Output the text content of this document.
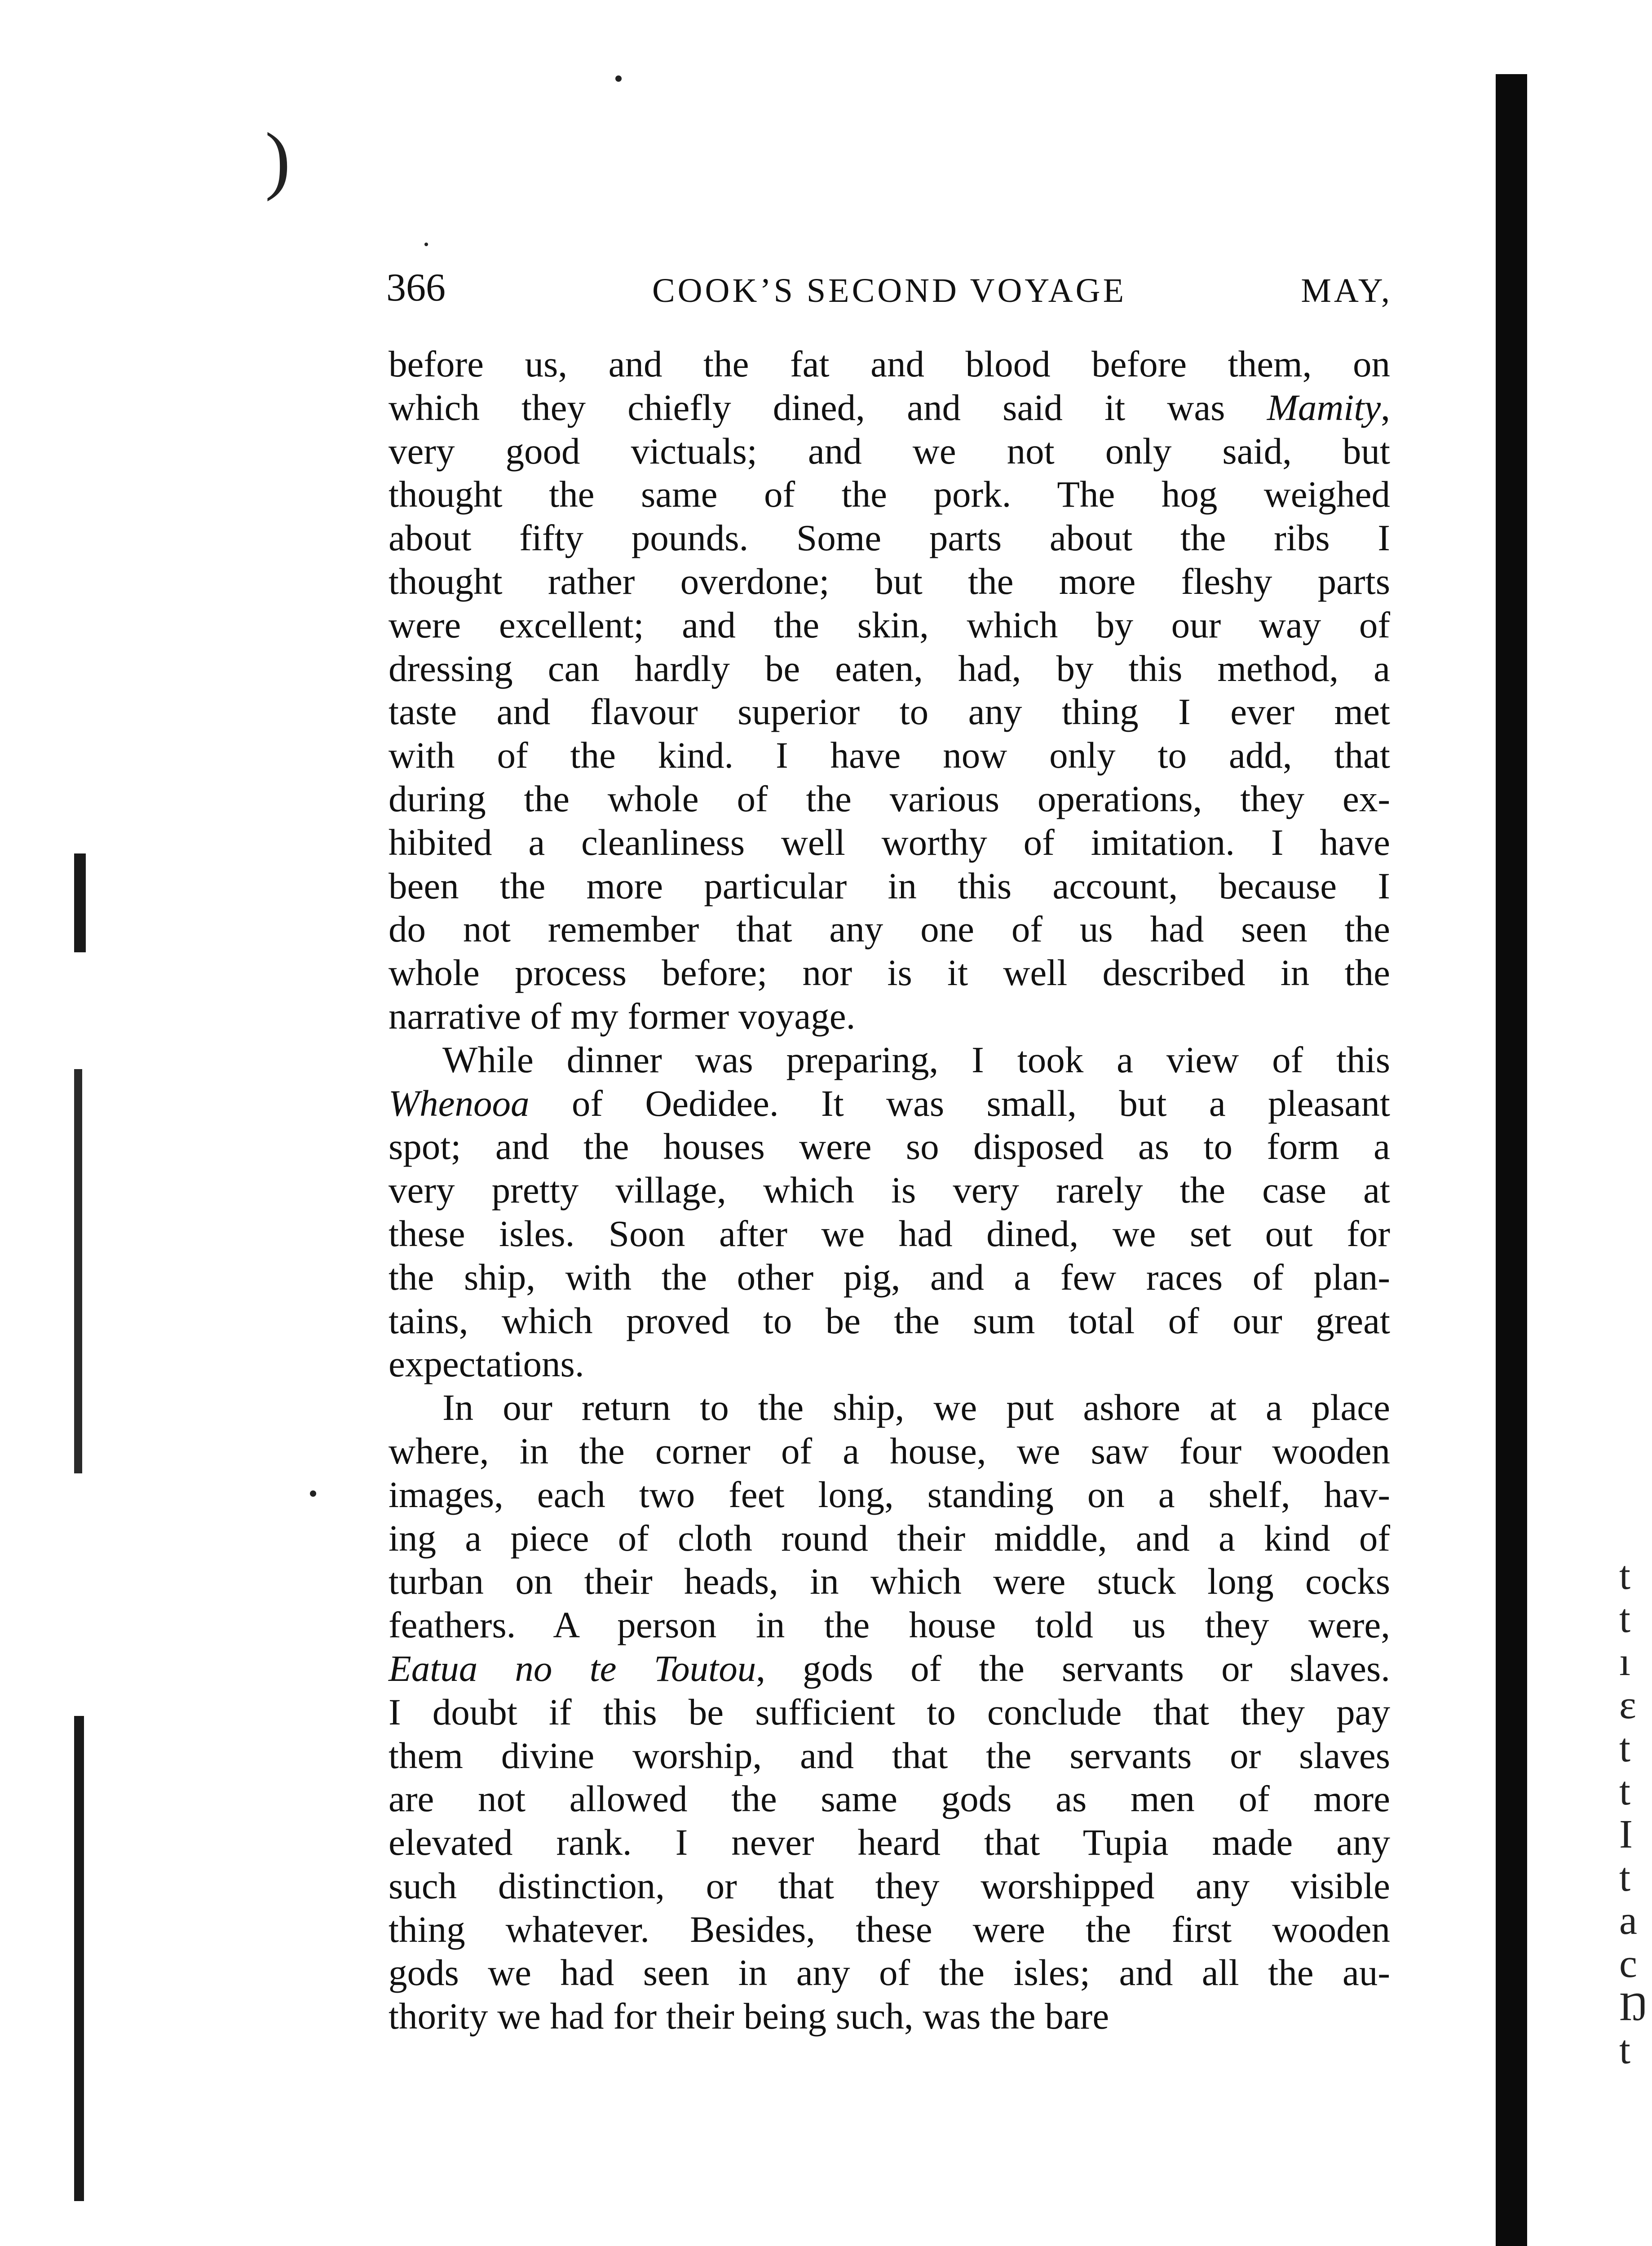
)
t
t
ı
ε
t
t
I
t
a
c
Ŋ
t
366	COOK’S SECOND VOYAGE	MAY,

before us, and the fat and blood before them, on
which they chiefly dined, and said it was Mamity,
very good victuals; and we not only said, but
thought the same of the pork. The hog weighed
about fifty pounds. Some parts about the ribs I
thought rather overdone; but the more fleshy parts
were excellent; and the skin, which by our way of
dressing can hardly be eaten, had, by this method, a
taste and flavour superior to any thing I ever met
with of the kind. I have now only to add, that
during the whole of the various operations, they ex-
hibited a cleanliness well worthy of imitation. I have
been the more particular in this account, because I
do not remember that any one of us had seen the
whole process before; nor is it well described in the
narrative of my former voyage.

While dinner was preparing, I took a view of this
Whenooa of Oedidee. It was small, but a pleasant
spot; and the houses were so disposed as to form a
very pretty village, which is very rarely the case at
these isles. Soon after we had dined, we set out for
the ship, with the other pig, and a few races of plan-
tains, which proved to be the sum total of our great
expectations.

In our return to the ship, we put ashore at a place
where, in the corner of a house, we saw four wooden
images, each two feet long, standing on a shelf, hav-
ing a piece of cloth round their middle, and a kind of
turban on their heads, in which were stuck long cocks
feathers. A person in the house told us they were,
Eatua no te Toutou, gods of the servants or slaves.
I doubt if this be sufficient to conclude that they pay
them divine worship, and that the servants or slaves
are not allowed the same gods as men of more
elevated rank. I never heard that Tupia made any
such distinction, or that they worshipped any visible
thing whatever. Besides, these were the first wooden
gods we had seen in any of the isles; and all the au-
thority we had for their being such, was the bare
